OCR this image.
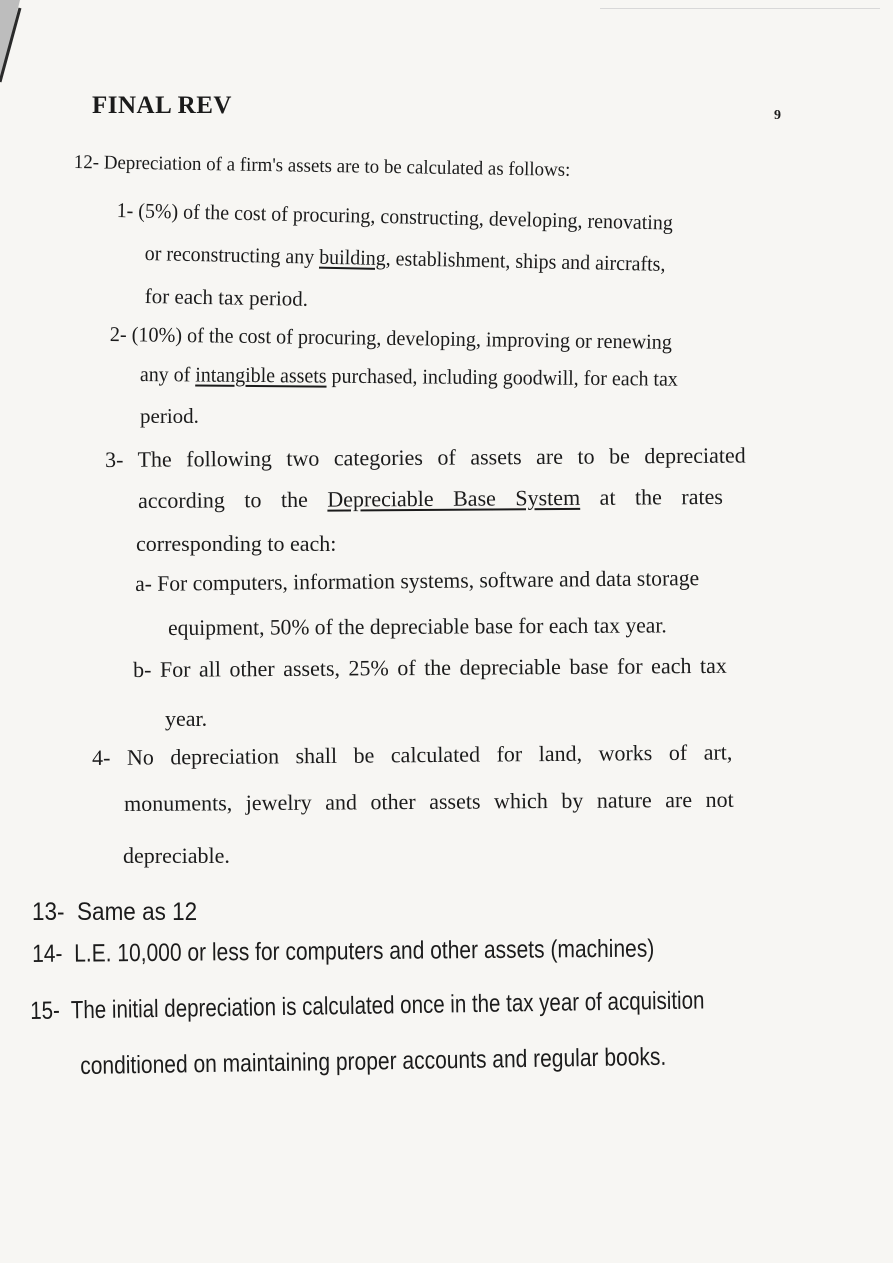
FINAL REV	9

12- Depreciation of a firm's assets are to be calculated as follows:

1- (5%) of the cost of procuring, constructing, developing, renovating

or reconstructing any building, establishment, ships and aircrafts,

for each tax period.

2- (10%) of the cost of procuring, developing, improving or renewing

any of intangible assets purchased, including goodwill, for each tax

period.

3- The following two categories of assets are to be depreciated

according to the Depreciable Base System at the rates

corresponding to each:

a- For computers, information systems, software and data storage

equipment, 50% of the depreciable base for each tax year.

b- For all other assets, 25% of the depreciable base for each tax

year.

4- No depreciation shall be calculated for land, works of art,

monuments, jewelry and other assets which by nature are not

depreciable.

13- Same as 12

14- L.E. 10,000 or less for computers and other assets (machines)

15- The initial depreciation is calculated once in the tax year of acquisition

conditioned on maintaining proper accounts and regular books.
